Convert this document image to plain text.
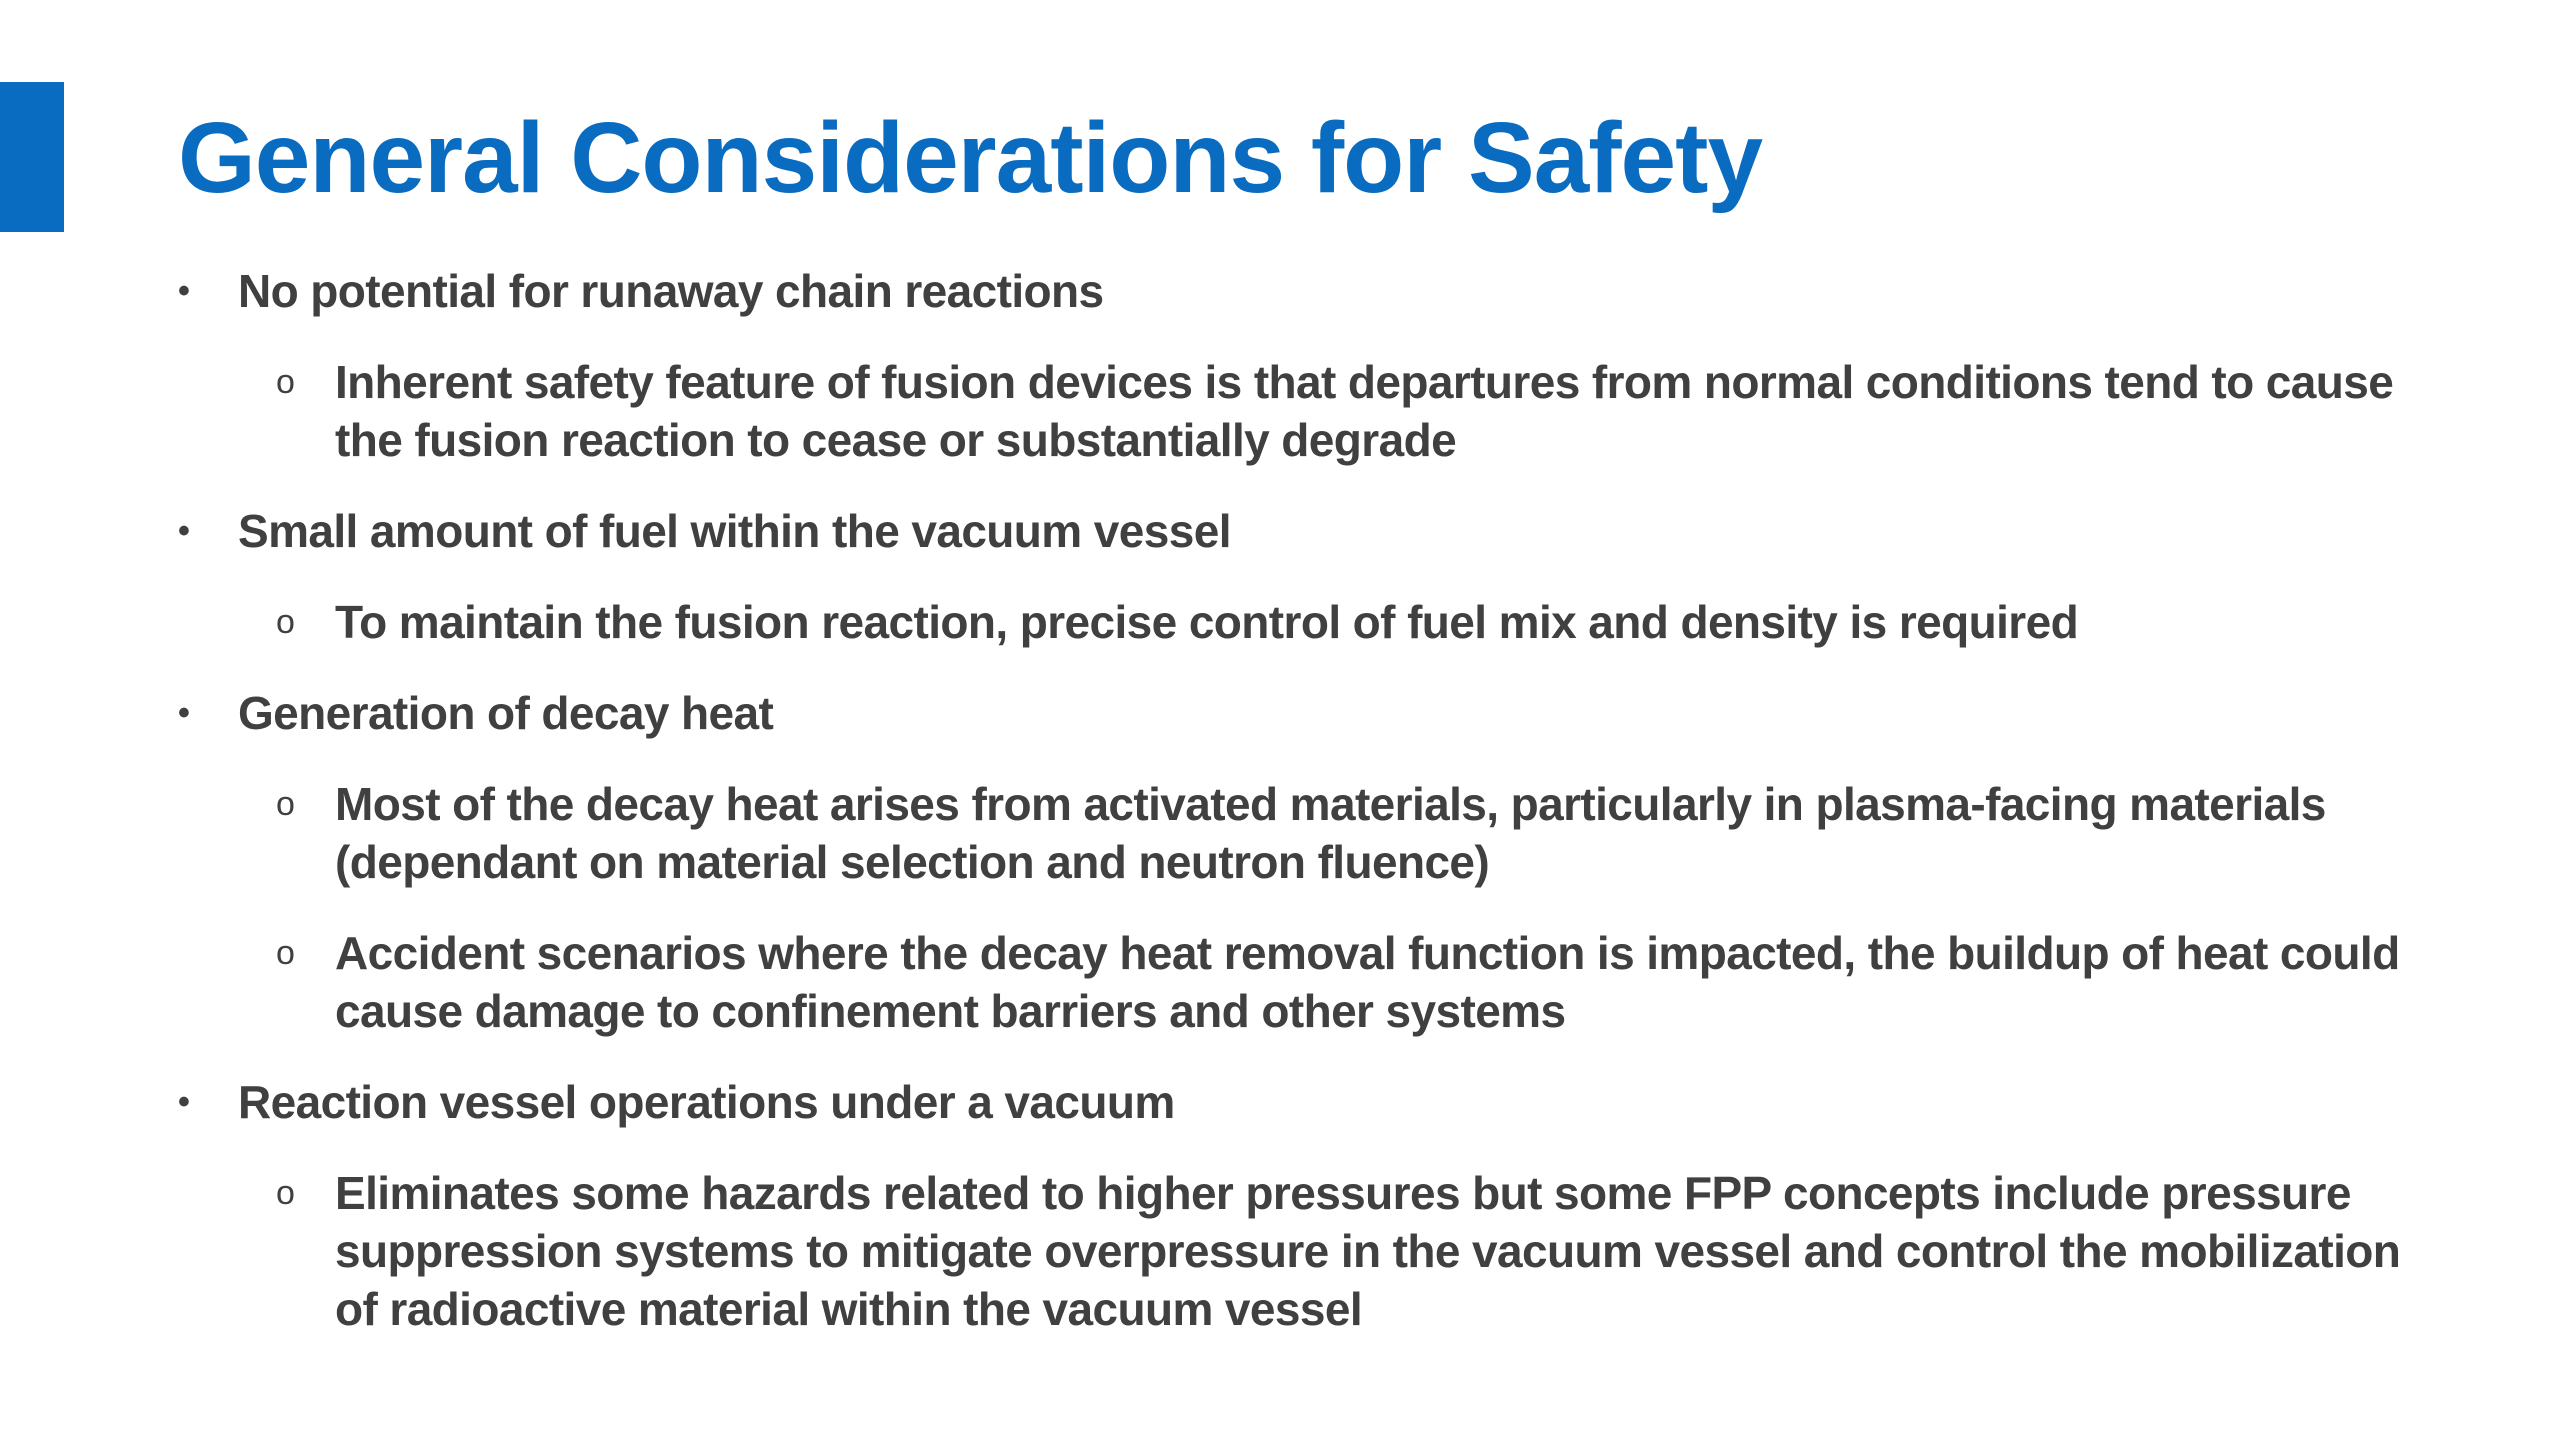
General Considerations for Safety
• No potential for runaway chain reactions
o Inherent safety feature of fusion devices is that departures from normal conditions tend to cause the fusion reaction to cease or substantially degrade
• Small amount of fuel within the vacuum vessel
o To maintain the fusion reaction, precise control of fuel mix and density is required
• Generation of decay heat
o Most of the decay heat arises from activated materials, particularly in plasma-facing materials (dependant on material selection and neutron fluence)
o Accident scenarios where the decay heat removal function is impacted, the buildup of heat could cause damage to confinement barriers and other systems
• Reaction vessel operations under a vacuum
o Eliminates some hazards related to higher pressures but some FPP concepts include pressure suppression systems to mitigate overpressure in the vacuum vessel and control the mobilization of radioactive material within the vacuum vessel
